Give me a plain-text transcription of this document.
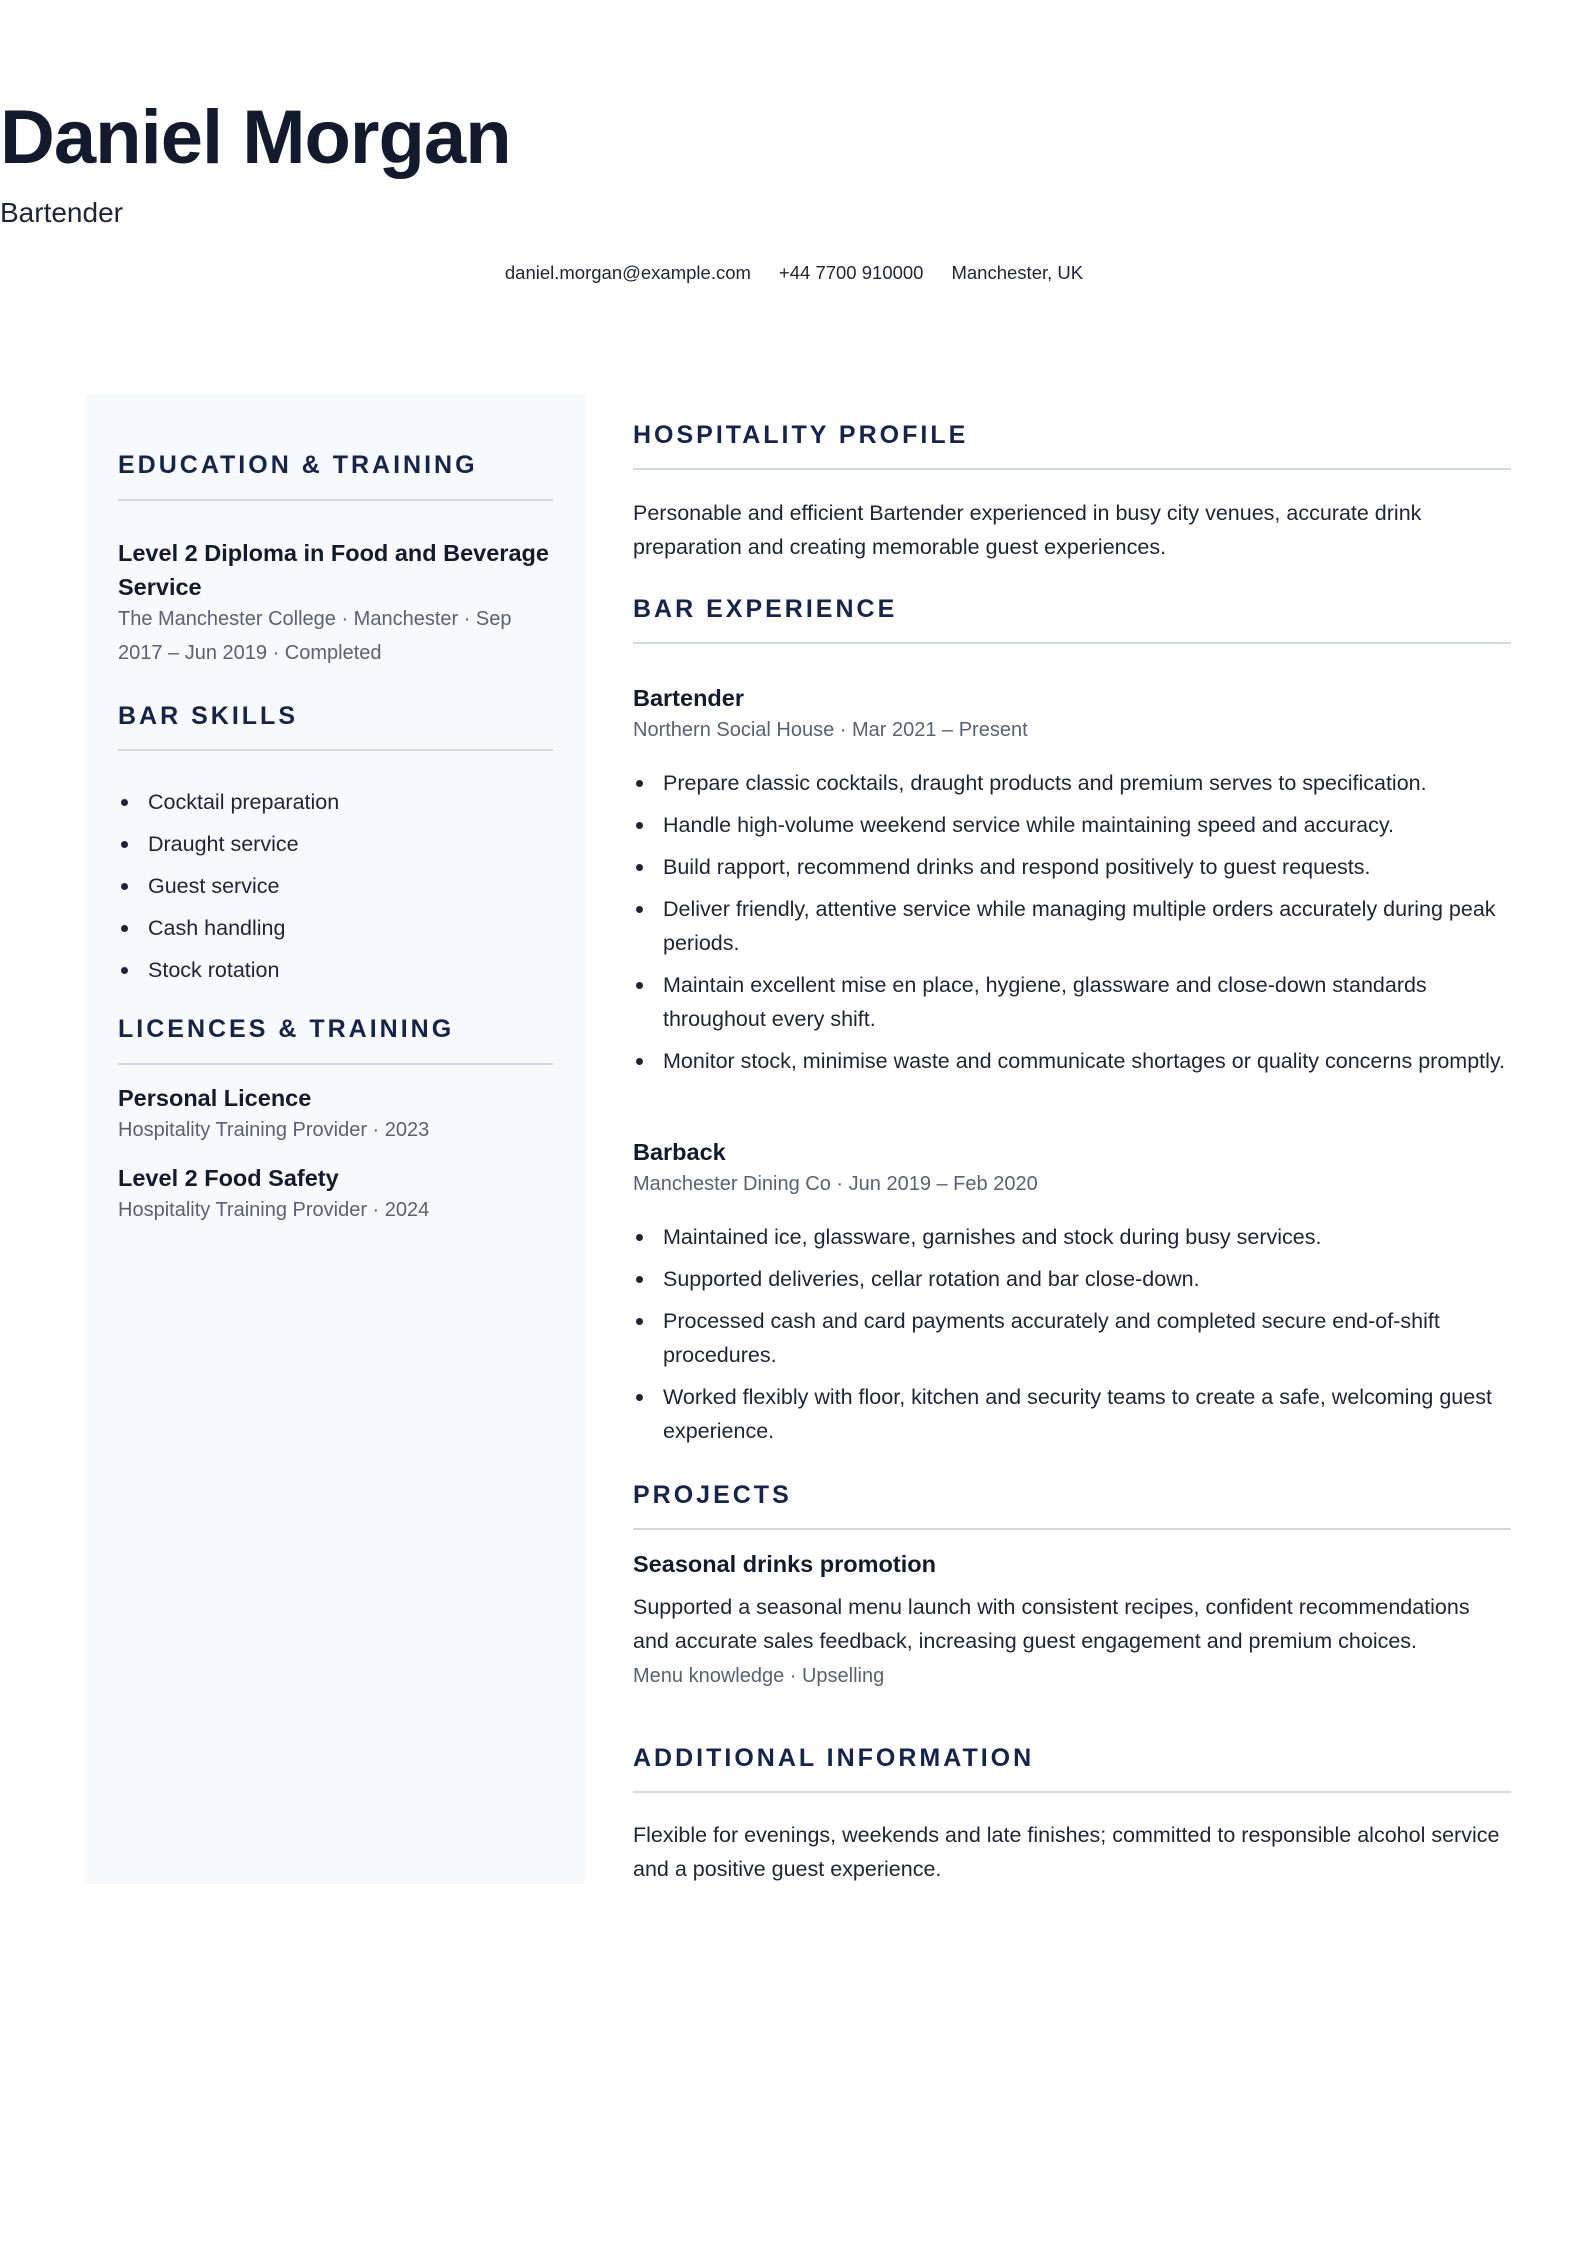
Daniel Morgan
Bartender
daniel.morgan@example.com +44 7700 910000 Manchester, UK
EDUCATION & TRAINING
Level 2 Diploma in Food and Beverage Service
The Manchester College · Manchester · Sep 2017 – Jun 2019 · Completed
BAR SKILLS
Cocktail preparation
Draught service
Guest service
Cash handling
Stock rotation
LICENCES & TRAINING
Personal Licence
Hospitality Training Provider · 2023
Level 2 Food Safety
Hospitality Training Provider · 2024
HOSPITALITY PROFILE
Personable and efficient Bartender experienced in busy city venues, accurate drink preparation and creating memorable guest experiences.
BAR EXPERIENCE
Bartender
Northern Social House · Mar 2021 – Present
Prepare classic cocktails, draught products and premium serves to specification.
Handle high-volume weekend service while maintaining speed and accuracy.
Build rapport, recommend drinks and respond positively to guest requests.
Deliver friendly, attentive service while managing multiple orders accurately during peak periods.
Maintain excellent mise en place, hygiene, glassware and close-down standards throughout every shift.
Monitor stock, minimise waste and communicate shortages or quality concerns promptly.
Barback
Manchester Dining Co · Jun 2019 – Feb 2020
Maintained ice, glassware, garnishes and stock during busy services.
Supported deliveries, cellar rotation and bar close-down.
Processed cash and card payments accurately and completed secure end-of-shift procedures.
Worked flexibly with floor, kitchen and security teams to create a safe, welcoming guest experience.
PROJECTS
Seasonal drinks promotion
Supported a seasonal menu launch with consistent recipes, confident recommendations and accurate sales feedback, increasing guest engagement and premium choices.
Menu knowledge · Upselling
ADDITIONAL INFORMATION
Flexible for evenings, weekends and late finishes; committed to responsible alcohol service and a positive guest experience.
